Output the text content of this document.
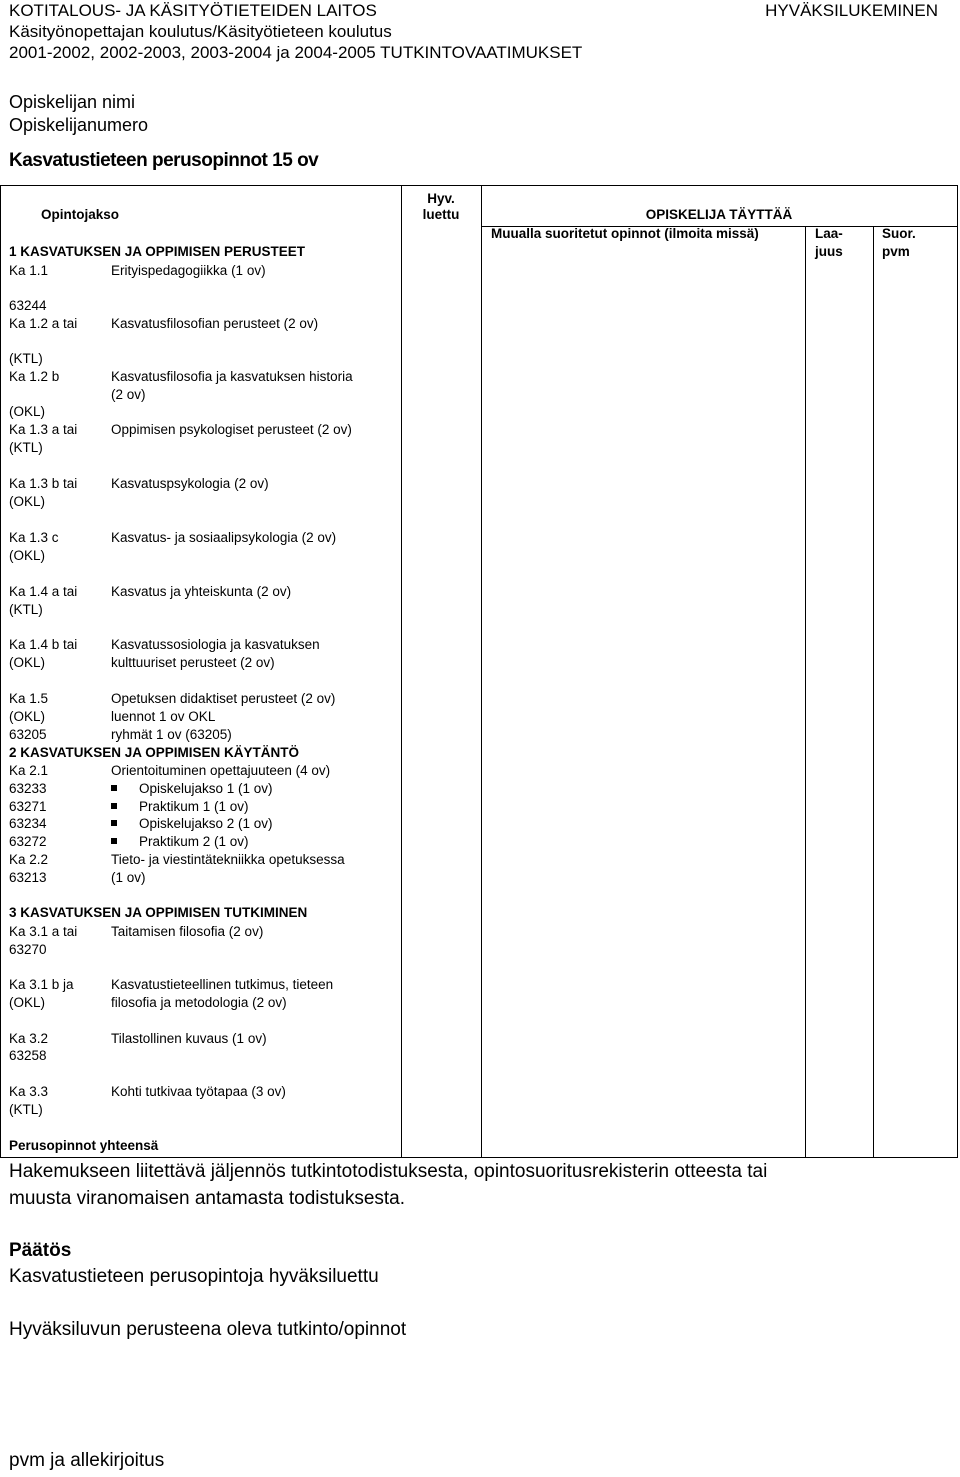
KOTITALOUS- JA KÄSITYÖTIETEIDEN LAITOS
Käsityönopettajan koulutus/Käsityötieteen koulutus
2001-2002, 2002-2003, 2003-2004 ja 2004-2005 TUTKINTOVAATIMUKSET
HYVÄKSILUKEMINEN
Opiskelijan nimi
Opiskelijanumero
Kasvatustieteen perusopinnot 15 ov
Opintojakso
Hyv.
luettu	OPISKELIJA TÄYTTÄÄ
Muualla suoritetut opinnot (ilmoita missä)	Laa-
juus
Suor.
pvm
1 KASVATUKSEN JA OPPIMISEN PERUSTEET
Ka 1.1
63244
Erityispedagogiikka (1 ov)
Ka 1.2 a tai
(KTL)
Kasvatusfilosofian perusteet (2 ov)
Ka 1.2 b
(OKL)
Kasvatusfilosofia ja kasvatuksen historia
(2 ov)
Ka 1.3 a tai
(KTL)
Oppimisen psykologiset perusteet (2 ov)
Ka 1.3 b tai
(OKL)
Kasvatuspsykologia (2 ov)
Ka 1.3 c
(OKL)
Kasvatus- ja sosiaalipsykologia (2 ov)
Ka 1.4 a tai
(KTL)
Kasvatus ja yhteiskunta (2 ov)
Ka 1.4 b tai
(OKL)
Kasvatussosiologia ja kasvatuksen
kulttuuriset perusteet (2 ov)
Ka 1.5
(OKL)
63205
Opetuksen didaktiset perusteet (2 ov)
luennot 1 ov OKL
ryhmät 1 ov (63205)
2 KASVATUKSEN JA OPPIMISEN KÄYTÄNTÖ
Ka 2.1
63233
63271
63234
63272
Ka 2.2
63213
Orientoituminen opettajuuteen (4 ov)
Opiskelujakso 1 (1 ov)
Praktikum 1 (1 ov)
Opiskelujakso 2 (1 ov)
Praktikum 2 (1 ov)
Tieto- ja viestintätekniikka opetuksessa
(1 ov)
3 KASVATUKSEN JA OPPIMISEN TUTKIMINEN
Ka 3.1 a tai
63270
Taitamisen filosofia (2 ov)
Ka 3.1 b ja
(OKL)
Kasvatustieteellinen tutkimus, tieteen
filosofia ja metodologia (2 ov)
Ka 3.2
63258
Tilastollinen kuvaus (1 ov)
Ka 3.3
(KTL)
Kohti tutkivaa työtapaa (3 ov)
Perusopinnot yhteensä
Hakemukseen liitettävä jäljennös tutkintotodistuksesta, opintosuoritusrekisterin otteesta tai
muusta viranomaisen antamasta todistuksesta.
Päätös
Kasvatustieteen perusopintoja hyväksiluettu
Hyväksiluvun perusteena oleva tutkinto/opinnot
pvm ja allekirjoitus
